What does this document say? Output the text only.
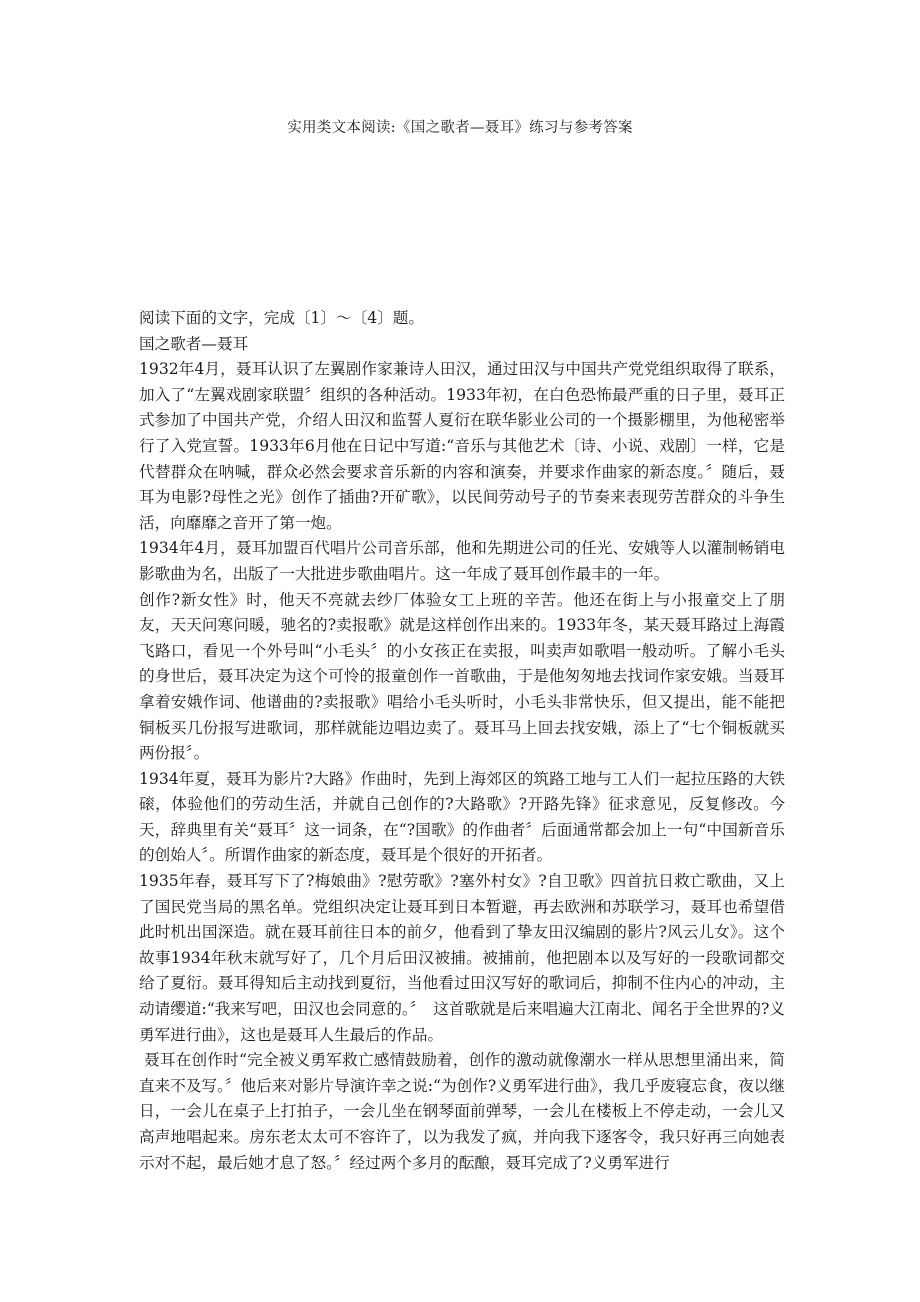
实用类文本阅读:《国之歌者—聂耳》练习与参考答案

阅读下面的文字，完成〔1〕～〔4〕题。

国之歌者—聂耳

1932年4月，聂耳认识了左翼剧作家兼诗人田汉，通过田汉与中国共产党党组织取得了联系，加入了“左翼戏剧家联盟〞组织的各种活动。1933年初，在白色恐怖最严重的日子里，聂耳正式参加了中国共产党，介绍人田汉和监誓人夏衍在联华影业公司的一个摄影棚里，为他秘密举行了入党宣誓。1933年6月他在日记中写道:“音乐与其他艺术〔诗、小说、戏剧〕一样，它是代替群众在呐喊，群众必然会要求音乐新的内容和演奏，并要求作曲家的新态度。〞随后，聂耳为电影?母性之光》创作了插曲?开矿歌》，以民间劳动号子的节奏来表现劳苦群众的斗争生活，向靡靡之音开了第一炮。

1934年4月，聂耳加盟百代唱片公司音乐部，他和先期进公司的任光、安娥等人以灌制畅销电影歌曲为名，出版了一大批进步歌曲唱片。这一年成了聂耳创作最丰的一年。

创作?新女性》时，他天不亮就去纱厂体验女工上班的辛苦。他还在街上与小报童交上了朋友，天天问寒问暖，驰名的?卖报歌》就是这样创作出来的。1933年冬，某天聂耳路过上海霞飞路口，看见一个外号叫“小毛头〞的小女孩正在卖报，叫卖声如歌唱一般动听。了解小毛头的身世后，聂耳决定为这个可怜的报童创作一首歌曲，于是他匆匆地去找词作家安娥。当聂耳拿着安娥作词、他谱曲的?卖报歌》唱给小毛头听时，小毛头非常快乐，但又提出，能不能把铜板买几份报写进歌词，那样就能边唱边卖了。聂耳马上回去找安娥，添上了“七个铜板就买两份报〞。

1934年夏，聂耳为影片?大路》作曲时，先到上海郊区的筑路工地与工人们一起拉压路的大铁磙，体验他们的劳动生活，并就自己创作的?大路歌》?开路先锋》征求意见，反复修改。今天，辞典里有关“聂耳〞这一词条，在“?国歌》的作曲者〞后面通常都会加上一句“中国新音乐的创始人〞。所谓作曲家的新态度，聂耳是个很好的开拓者。

1935年春，聂耳写下了?梅娘曲》?慰劳歌》?塞外村女》?自卫歌》四首抗日救亡歌曲，又上了国民党当局的黑名单。党组织决定让聂耳到日本暂避，再去欧洲和苏联学习，聂耳也希望借此时机出国深造。就在聂耳前往日本的前夕，他看到了挚友田汉编剧的影片?风云儿女》。这个故事1934年秋末就写好了，几个月后田汉被捕。被捕前，他把剧本以及写好的一段歌词都交给了夏衍。聂耳得知后主动找到夏衍，当他看过田汉写好的歌词后，抑制不住内心的冲动，主动请缨道:“我来写吧，田汉也会同意的。〞　这首歌就是后来唱遍大江南北、闻名于全世界的?义勇军进行曲》，这也是聂耳人生最后的作品。

聂耳在创作时“完全被义勇军救亡感情鼓励着，创作的激动就像潮水一样从思想里涌出来，简直来不及写。〞他后来对影片导演许幸之说:“为创作?义勇军进行曲》，我几乎废寝忘食，夜以继日，一会儿在桌子上打拍子，一会儿坐在钢琴面前弹琴，一会儿在楼板上不停走动，一会儿又高声地唱起来。房东老太太可不容许了，以为我发了疯，并向我下逐客令，我只好再三向她表示对不起，最后她才息了怒。〞经过两个多月的酝酿，聂耳完成了?义勇军进行
